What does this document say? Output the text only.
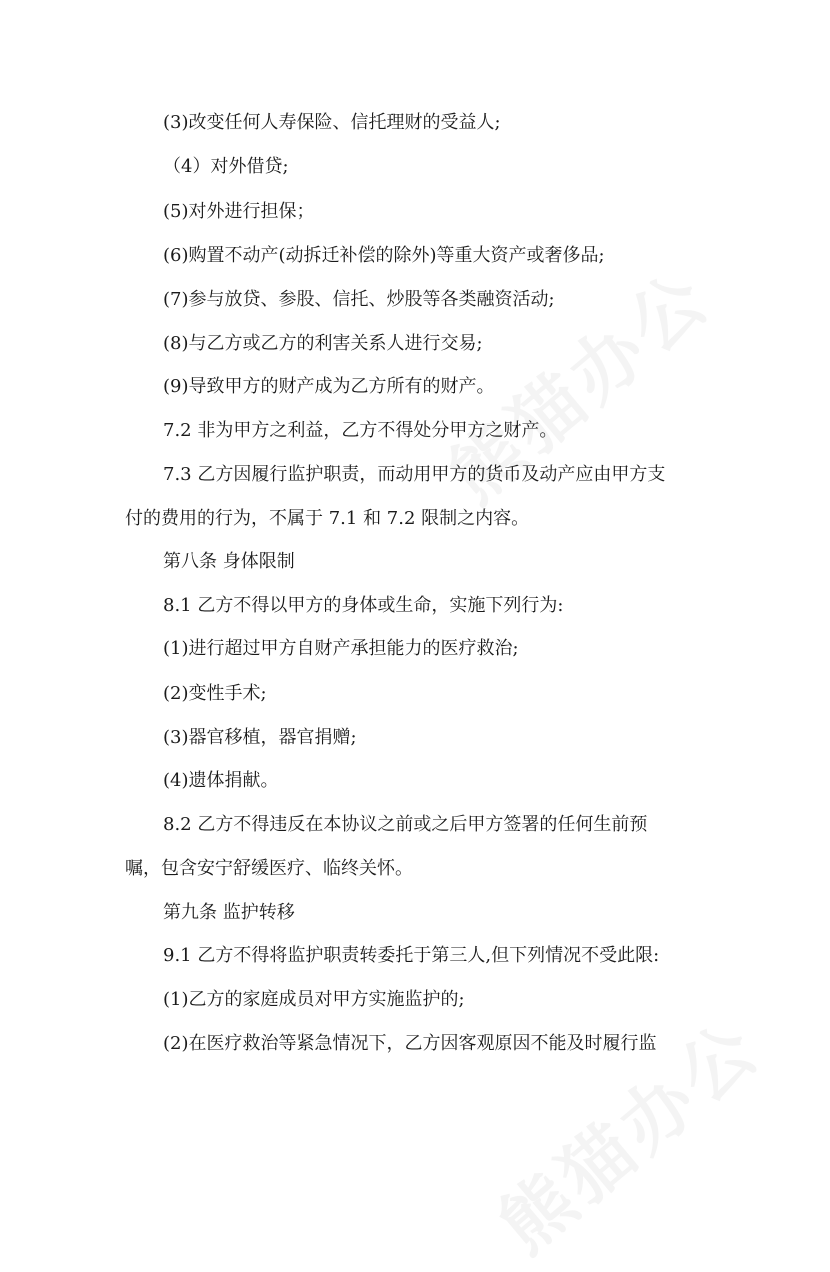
(3)改变任何人寿保险、信托理财的受益人;
（4）对外借贷;
(5)对外进行担保；
(6)购置不动产(动拆迁补偿的除外)等重大资产或奢侈品;
(7)参与放贷、参股、信托、炒股等各类融资活动;
(8)与乙方或乙方的利害关系人进行交易;
(9)导致甲方的财产成为乙方所有的财产。
7.2 非为甲方之利益，乙方不得处分甲方之财产。
7.3 乙方因履行监护职责，而动用甲方的货币及动产应由甲方支
付的费用的行为，不属于 7.1 和 7.2 限制之内容。
第八条 身体限制
8.1 乙方不得以甲方的身体或生命，实施下列行为:
(1)进行超过甲方自财产承担能力的医疗救治;
(2)变性手术;
(3)器官移植，器官捐赠;
(4)遗体捐献。
8.2 乙方不得违反在本协议之前或之后甲方签署的任何生前预
嘱，包含安宁舒缓医疗、临终关怀。
第九条 监护转移
9.1 乙方不得将监护职责转委托于第三人,但下列情况不受此限:
(1)乙方的家庭成员对甲方实施监护的;
(2)在医疗救治等紧急情况下，乙方因客观原因不能及时履行监
